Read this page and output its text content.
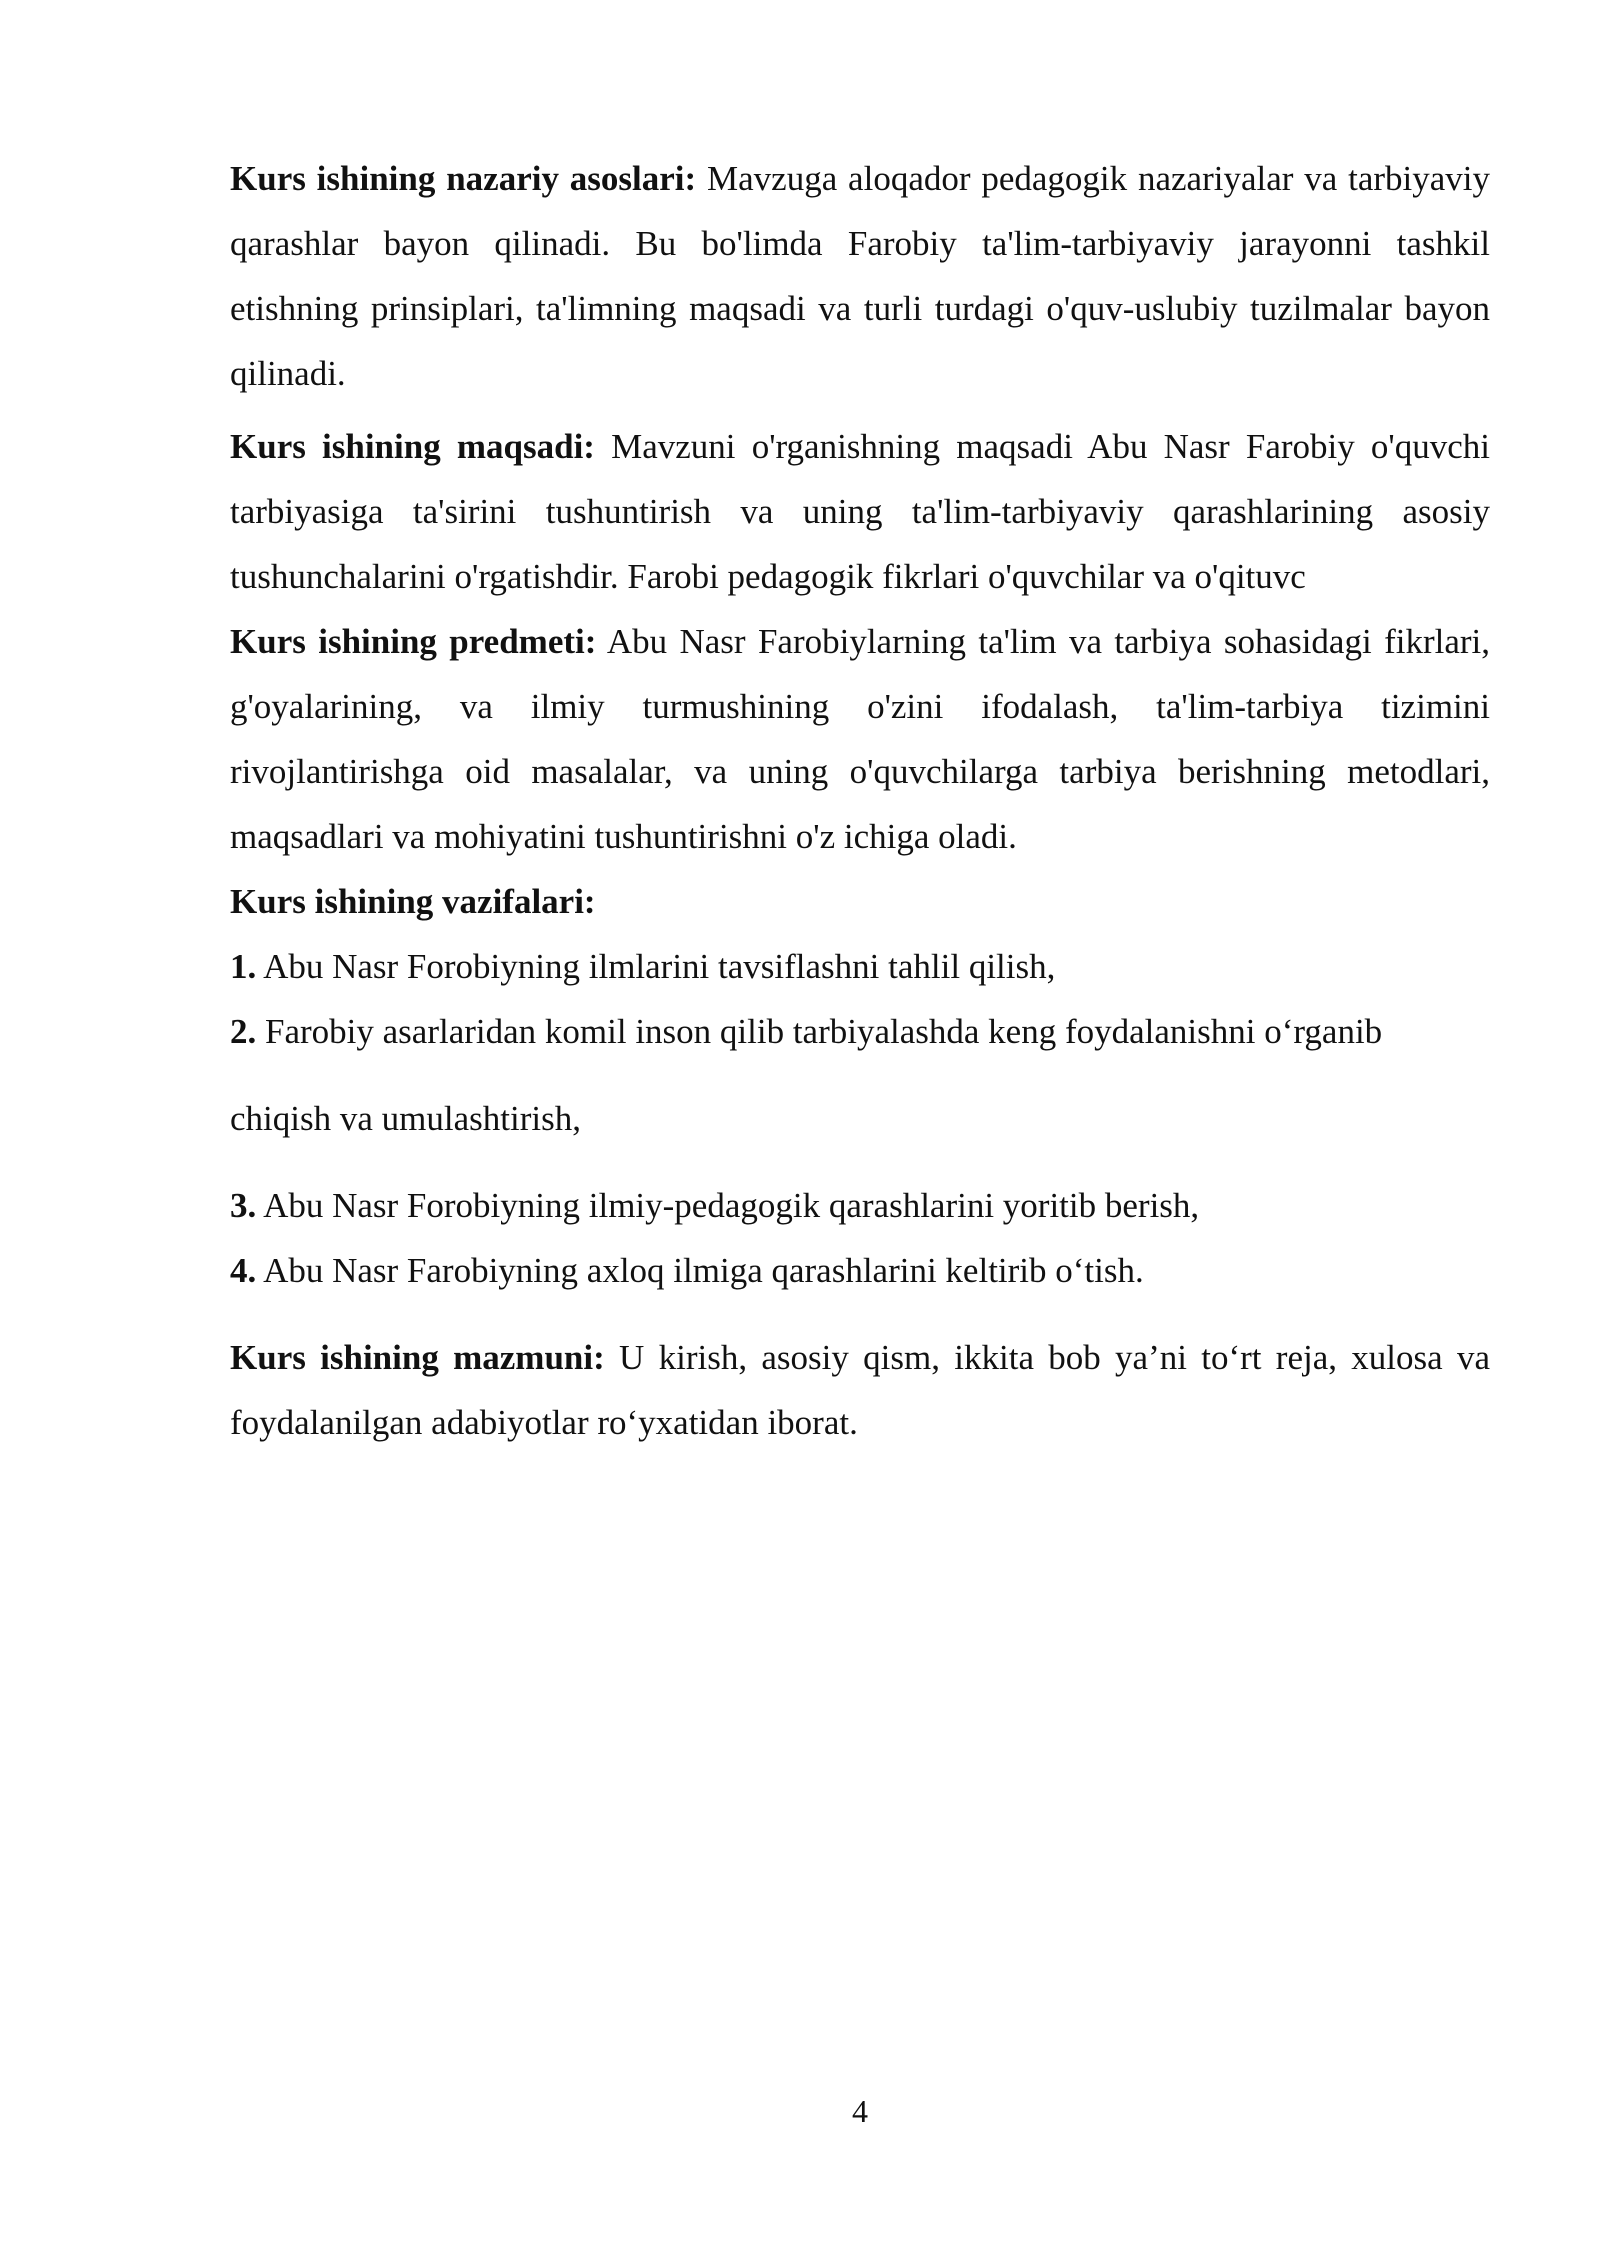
Kurs ishining nazariy asoslari: Mavzuga aloqador pedagogik nazariyalar va tarbiyaviy qarashlar bayon qilinadi. Bu bo'limda Farobiy ta'lim-tarbiyaviy jarayonni tashkil etishning prinsiplari, ta'limning maqsadi va turli turdagi o'quv-uslubiy tuzilmalar bayon qilinadi.

Kurs ishining maqsadi: Mavzuni o'rganishning maqsadi Abu Nasr Farobiy o'quvchi tarbiyasiga ta'sirini tushuntirish va uning ta'lim-tarbiyaviy qarashlarining asosiy tushunchalarini o'rgatishdir. Farobi pedagogik fikrlari o'quvchilar va o'qituvc

Kurs ishining predmeti: Abu Nasr Farobiylarning ta'lim va tarbiya sohasidagi fikrlari, g'oyalarining, va ilmiy turmushining o'zini ifodalash, ta'lim-tarbiya tizimini rivojlantirishga oid masalalar, va uning o'quvchilarga tarbiya berishning metodlari, maqsadlari va mohiyatini tushuntirishni o'z ichiga oladi.

Kurs ishining vazifalari:

1. Abu Nasr Forobiyning ilmlarini tavsiflashni tahlil qilish,

2. Farobiy asarlaridan komil inson qilib tarbiyalashda keng foydalanishni o‘rganib

chiqish va umulashtirish,

3. Abu Nasr Forobiyning ilmiy-pedagogik qarashlarini yoritib berish,

4. Abu Nasr Farobiyning axloq ilmiga qarashlarini keltirib o‘tish.

Kurs ishining mazmuni: U kirish, asosiy qism, ikkita bob ya’ni to‘rt reja, xulosa va foydalanilgan adabiyotlar ro‘yxatidan iborat.

4
